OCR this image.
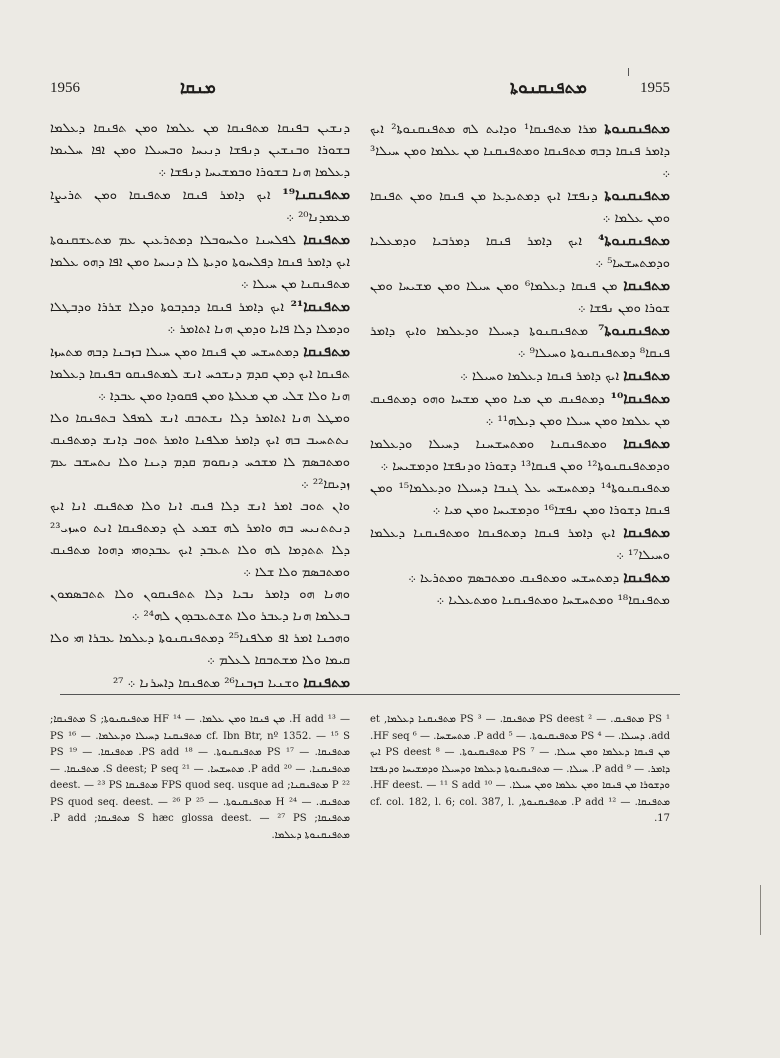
1956	ܡܢܩܐ	ܡܬܦܢܩܢܘܬܐ	1955

ܡܬܦܢܩܢܘܬܐ ܡܪܐ ܡܬܦܢܩܐ¹ ܘܕܐܝܬ ܠܗ ܡܬܦܢܩܢܘܬܐ² ܐܝܟ ܕܐܡܪ ܦܢܩܐ ܕܒܗ ܡܬܦܢܩܐ ܘܡܬܦܢܩܢܐ ܡܢ ܥܠܡܐ ܘܡܢ ܚܝܠܐ³ ܀

ܡܬܦܢܩܢܘܬܐ ܕܢܦܫܐ ܐܝܟ ܕܡܬܝܕܥܐ ܡܢ ܦܢܩܐ ܘܡܢ ܬܦܢܩܐ ܘܡܢ ܥܠܡܐ ܀

ܡܬܦܢܩܢܘܬܐ⁴ ܐܝܟ ܕܐܡܪ ܦܢܩܐ ܕܡܪܒܝܐ ܘܕܡܥܠܝܐ ܘܕܡܬܚܫܚܐ⁵ ܀

ܡܬܦܢܩܐ ܡܢ ܦܢܩܐ ܕܥܠܡܐ⁶ ܘܡܢ ܚܝܠܐ ܘܡܢ ܡܫܝܚܐ ܘܡܢ ܫܘܪܐ ܘܡܢ ܢܦܫܐ ܀

ܡܬܦܢܩܢܘܬܐ⁷ ܡܬܦܢܩܢܘܬܐ ܕܚܝܠܐ ܘܕܥܠܡܐ ܘܐܝܟ ܕܐܡܪ ܦܢܩܐ⁸ ܕܡܬܦܢܩܢܘܬܐ ܘܚܝܠܐ⁹ ܀

ܡܬܦܢܩܐ ܐܝܟ ܕܐܡܪ ܦܢܩܐ ܕܥܠܡܐ ܘܚܝܠܐ ܀

ܡܬܦܢܩܐ¹⁰ ܕܡܬܦܢܩ ܡܢ ܡܝܐ ܘܡܢ ܡܫܚܐ ܘܗܘ ܕܡܬܦܢܩ ܡܢ ܥܠܡܐ ܘܡܢ ܚܝܠܐ ܘܡܢ ܕܝܠܗ¹¹ ܀

ܡܬܦܢܩܐ ܘܡܬܦܢܩܢܐ ܘܡܬܚܫܚܢܐ ܕܚܝܠܐ ܘܕܥܠܡܐ ܘܕܡܬܦܢܩܢܘܬܐ¹² ܘܡܢ ܦܢܩܐ¹³ ܕܫܘܪܐ ܘܕܢܦܫܐ ܘܕܡܫܝܚܐ ܀

ܡܬܦܢܩܢܘܬܐ¹⁴ ܕܡܬܚܫܚ ܥܠ ܓܢܒܐ ܕܚܝܠܐ ܘܕܥܠܡܐ¹⁵ ܘܡܢ ܦܢܩܐ ܕܫܘܪܐ ܘܡܢ ܢܦܫܐ¹⁶ ܘܕܡܫܝܚܐ ܘܡܢ ܡܝܐ ܀

ܡܬܦܢܩܐ ܐܝܟ ܕܐܡܪ ܦܢܩܐ ܕܡܬܦܢܩܐ ܘܡܬܦܢܩܢܐ ܕܥܠܡܐ ܘܚܝܠܐ¹⁷ ܀

ܡܬܦܢܩܐ ܕܡܬܚܫܚ ܘܡܬܦܢܩ ܘܡܬܒܣܡ ܘܡܬܪܥܐ ܀

ܡܬܦܢܩܐ¹⁸ ܘܡܬܚܫܚܐ ܘܡܬܦܢܩܢܐ ܘܡܬܥܠܝܐ ܀

ܕܢܫܝܢ ܒܦܢܩܐ ܡܬܦܢܩܐ ܡܢ ܥܠܡܐ ܘܡܢ ܬܦܢܩܐ ܕܥܠܡܐ ܒܫܘܪܐ ܘܒܢܫܝܢ ܕܢܦܫܐ ܕܢܝܚܐ ܘܒܚܝܠܐ ܘܡܢ ܐܦܐ ܚܠܝܡܐ ܕܥܠܡܐ ܗܢܐ ܒܫܘܪܐ ܘܒܡܫܝܚܐ ܕܢܦܫܐ ܀

ܡܬܦܢܩܢܐ¹⁹ ܐܝܟ ܕܐܡܪ ܦܢܩܐ ܡܬܦܢܩܐ ܘܡܢ ܬܪܝܨܐ ܡܥܡܕܢܐ²⁰ ܀

ܡܬܦܢܩܐ ܠܦܠܚܢܐ ܘܠܚܘܒܠܐ ܕܡܬܪܥܝܢ ܥܡ ܡܬܥܫܩܢܘܬܐ ܐܝܟ ܕܐܡܪ ܦܢܩܐ ܕܦܠܚܘܬܐ ܘܕܝܬܐ ܠܐ ܕܢܝܚܐ ܘܡܢ ܐܦܐ ܕܗܘ ܥܠܡܐ ܡܬܦܢܩܢܐ ܡܢ ܚܝܠܐ ܀

ܡܬܦܢܩܐ²¹ ܐܝܟ ܕܐܡܪ ܦܢܩܐ ܕܟܕܒܘܬܐ ܘܕܠܐ ܫܪܪܐ ܘܕܒܛܠܐ ܘܕܡܠܐ ܕܠܐ ܦܐܝܐ ܘܕܡܢ ܗܢܐ ܐܬܐܡܪ ܀

ܡܬܦܢܩܐ ܕܡܬܚܫܚ ܡܢ ܦܢܩܐ ܘܡܢ ܚܝܠܐ ܒܙܒܢܐ ܕܒܗ ܡܬܚܙܐ ܬܦܢܩܐ ܐܝܟ ܕܡܢ ܩܕܡ ܕܢܫܟܚ ܐܢܫ ܠܡܬܦܢܩܘ ܒܦܢܩܐ ܕܥܠܡܐ ܗܢܐ ܘܠܐ ܫܠܝ ܡܢ ܡܥܠܬܐ ܘܡܢ ܦܩܘܕܐ ܘܡܢ ܥܒܕܐ ܀

ܘܡܛܠ ܗܢܐ ܐܬܐܡܪ ܕܠܐ ܢܫܬܒܩ ܐܢܫ ܠܡܦܠ ܒܬܦܢܩܐ ܘܠܐ ܢܬܬܚܝܒ ܒܗ ܐܝܟ ܕܐܡܪ ܡܠܦܢܐ ܘܐܡܪ ܬܘܒ ܕܐܢܫ ܕܡܬܦܢܩ ܘܡܬܒܣܡ ܠܐ ܡܫܟܚ ܕܢܩܘܡ ܩܕܡ ܕܝܢܐ ܘܠܐ ܢܬܚܫܒ ܥܡ ܙܕܝܩܐ²² ܀

ܘܐܢ ܬܘܒ ܐܡܪ ܐܢܫ ܕܠܐ ܦܢܩ ܐܢܐ ܘܠܐ ܡܬܦܢܩ ܐܢܐ ܐܝܟ ܕܢܬܬܢܝܚ ܒܗ ܘܐܡܪ ܠܗ ܫܡܥ ܠܟ ܕܡܬܦܢܩܐ ܐܢܬ ܘܚܙܝ²³ ܕܠܐ ܬܬܕܡܐ ܠܗ ܘܠܐ ܬܥܒܕ ܐܝܟ ܥܒܕܘܗܝ ܕܗܘܐ ܡܬܦܢܩ ܘܡܬܒܣܡ ܘܠܐ ܫܠܐ ܀

ܘܗܢܐ ܗܘ ܕܐܡܪ ܢܒܝܐ ܕܠܐ ܬܬܦܢܩܘܢ ܘܠܐ ܬܬܒܣܡܘܢ ܒܥܠܡܐ ܗܢܐ ܕܥܒܪ ܘܠܐ ܬܫܬܥܒܕܘܢ ܠܗ²⁴ ܀

ܘܗܟܢܐ ܐܡܪ ܐܦ ܡܠܦܢܐ²⁵ ܕܡܬܦܢܩܢܘܬܐ ܕܥܠܡܐ ܥܒܪܐ ܗܝ ܘܠܐ ܩܝܡܐ ܘܠܐ ܡܫܬܒܩܐ ܠܥܠܡ ܀

ܡܬܦܢܩܐ ܘܫܢܝܐ ܒܙܒܢܐ²⁶ ܡܬܦܢܩܐ ܕܐܚܪܢܐ ܀ ²⁷

¹ PS ܡܬܦܢܩ. — ² PS deest ܡܬܦܢܩܐ. — ³ PS ܡܬܦܢܩܢܐ ܕܥܠܡܐ, et add. ܕܚܝܠܐ. — ⁴ PS ܡܬܦܢܩܢܘܬܐ. — ⁵ P add. ܡܬܚܫܚܐ. — ⁶ HF seq. ܡܢ ܦܢܩܐ ܕܥܠܡܐ ܘܡܢ ܚܝܠܐ. — ⁷ PS ܡܬܦܢܩܢܘܬܐ. — ⁸ PS deest ܐܝܟ ܕܐܡܪ. — ⁹ P add. ܚܝܠܐ. — ܡܬܦܢܩܢܘܬܐ ܕܥܠܡܐ ܘܕܚܝܠܐ ܘܕܡܫܝܚܐ ܘܕܢܦܫܐ ܘܕܫܘܪܐ ܡܢ ܦܢܩܐ ܘܡܢ ܥܠܡܐ ܘܡܢ ܚܝܠܐ. — ¹⁰ HF deest. — ¹¹ S add. ܡܬܦܢܩܐ. — ¹² P add. ܡܬܦܢܩܢܘܬܐ, cf. col. 182, l. 6; col. 387, l. 17.

— ¹³ H add. ܡܢ ܦܢܩܐ ܘܡܢ ܥܠܡܐ. — ¹⁴ HF ܡܬܦܢܩܢܘܬܐ; S ܡܬܦܢܩܐ; cf. Ibn Btr, nº 1352. — ¹⁵ S ܡܬܦܢܩܢܐ ܕܚܝܠܐ ܘܕܥܠܡܐ. — ¹⁶ PS ܡܬܦܢܩܐ. — ¹⁷ PS ܡܬܦܢܩܢܘܬܐ. — ¹⁸ PS add. ܡܬܦܢܩܐ. — ¹⁹ PS ܡܬܦܢܩܢܐ. — ²⁰ P add. ܡܬܚܫܚܐ. — ²¹ S deest; P seq. ܡܬܦܢܩܐ. — ²² P ܡܬܦܢܩܢܐ; FPS quod seq. usque ad ܡܬܦܢܩܐ deest. — ²³ PS ܡܬܦܢܩ. — ²⁴ H ܡܬܦܢܩܢܘܬܐ. — ²⁵ PS quod seq. deest. — ²⁶ P ܡܬܦܢܩܐ; S hæc glossa deest. — ²⁷ PS ܡܬܦܢܩܐ; P add. ܡܬܦܢܩܢܘܬܐ ܕܥܠܡܐ.
